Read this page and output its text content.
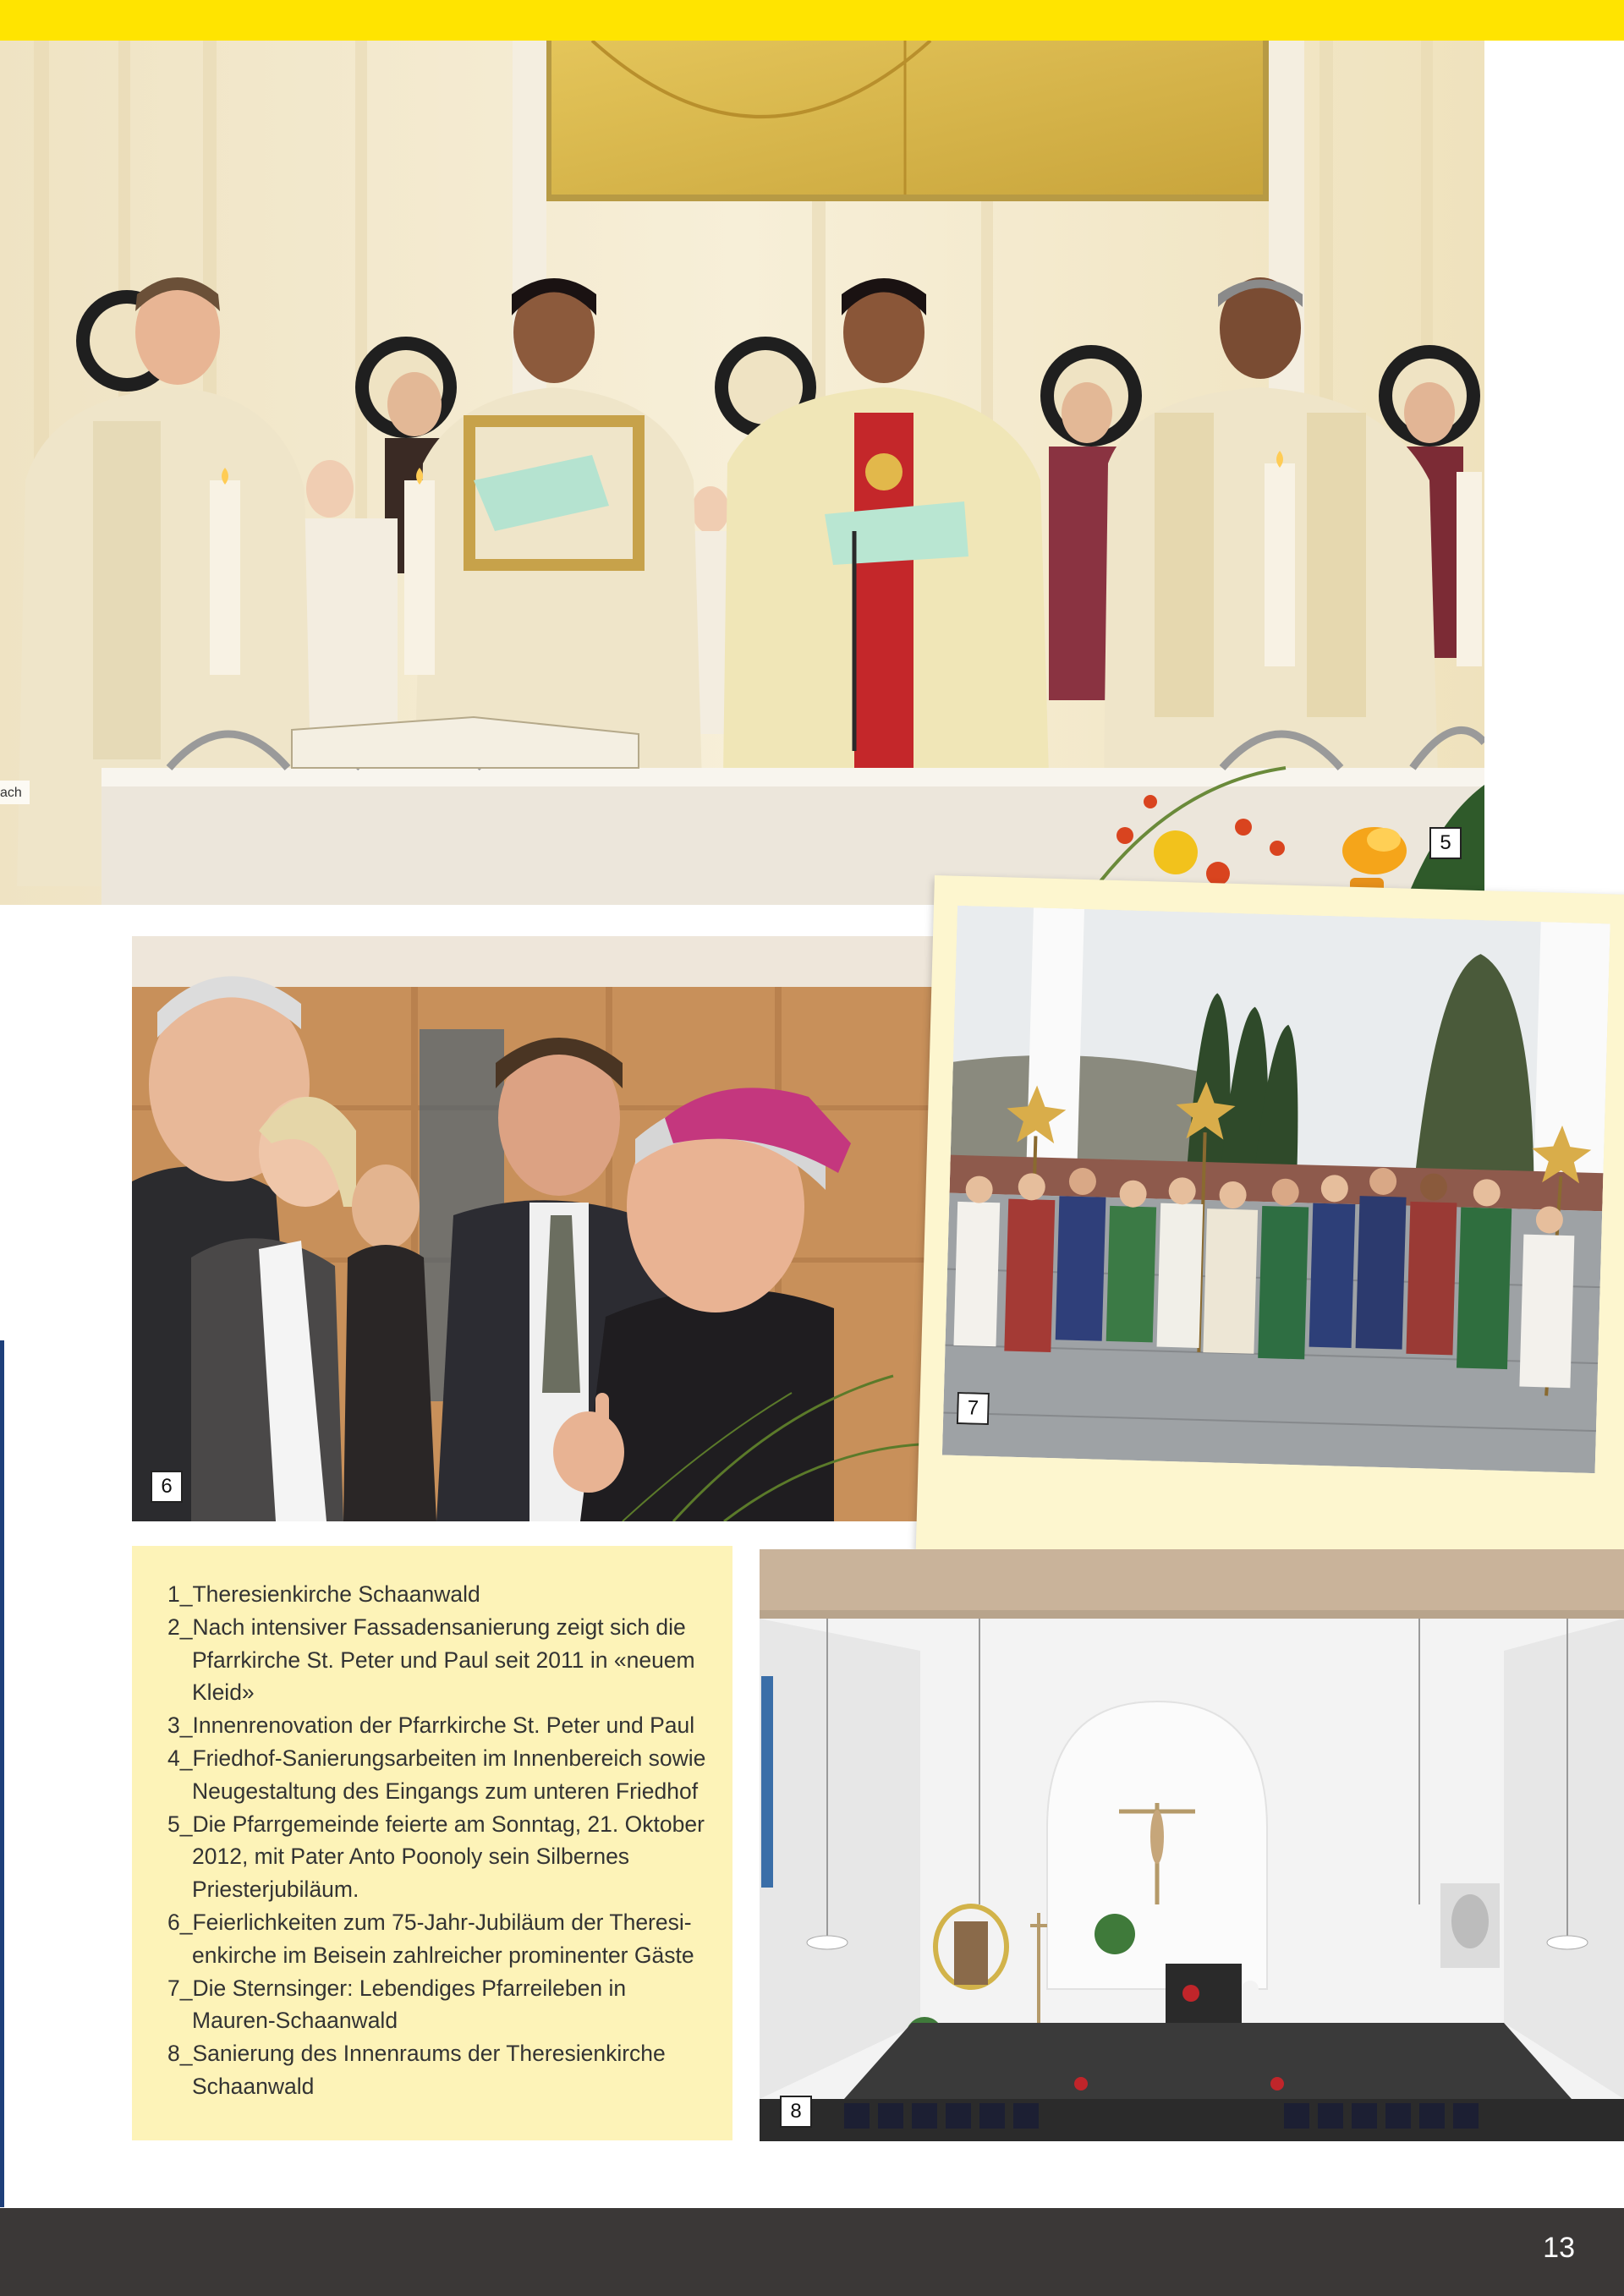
ach
5
6
7
8
1_Theresienkirche Schaanwald
2_Nach intensiver Fassadensanierung zeigt sich die Pfarrkirche St. Peter und Paul seit 2011 in «neuem Kleid»
3_Innenrenovation der Pfarrkirche St. Peter und Paul
4_Friedhof-Sanierungsarbeiten im Innenbereich sowie Neugestaltung des Eingangs zum unteren Friedhof
5_Die Pfarrgemeinde feierte am Sonntag, 21. Oktober 2012, mit Pater Anto Poonoly sein Silbernes Priesterjubiläum.
6_Feierlichkeiten zum 75-Jahr-Jubiläum der Theresienkirche im Beisein zahlreicher prominenter Gäste
7_Die Sternsinger: Lebendiges Pfarreileben in Mauren-Schaanwald
8_Sanierung des Innenraums der Theresienkirche Schaanwald
13
